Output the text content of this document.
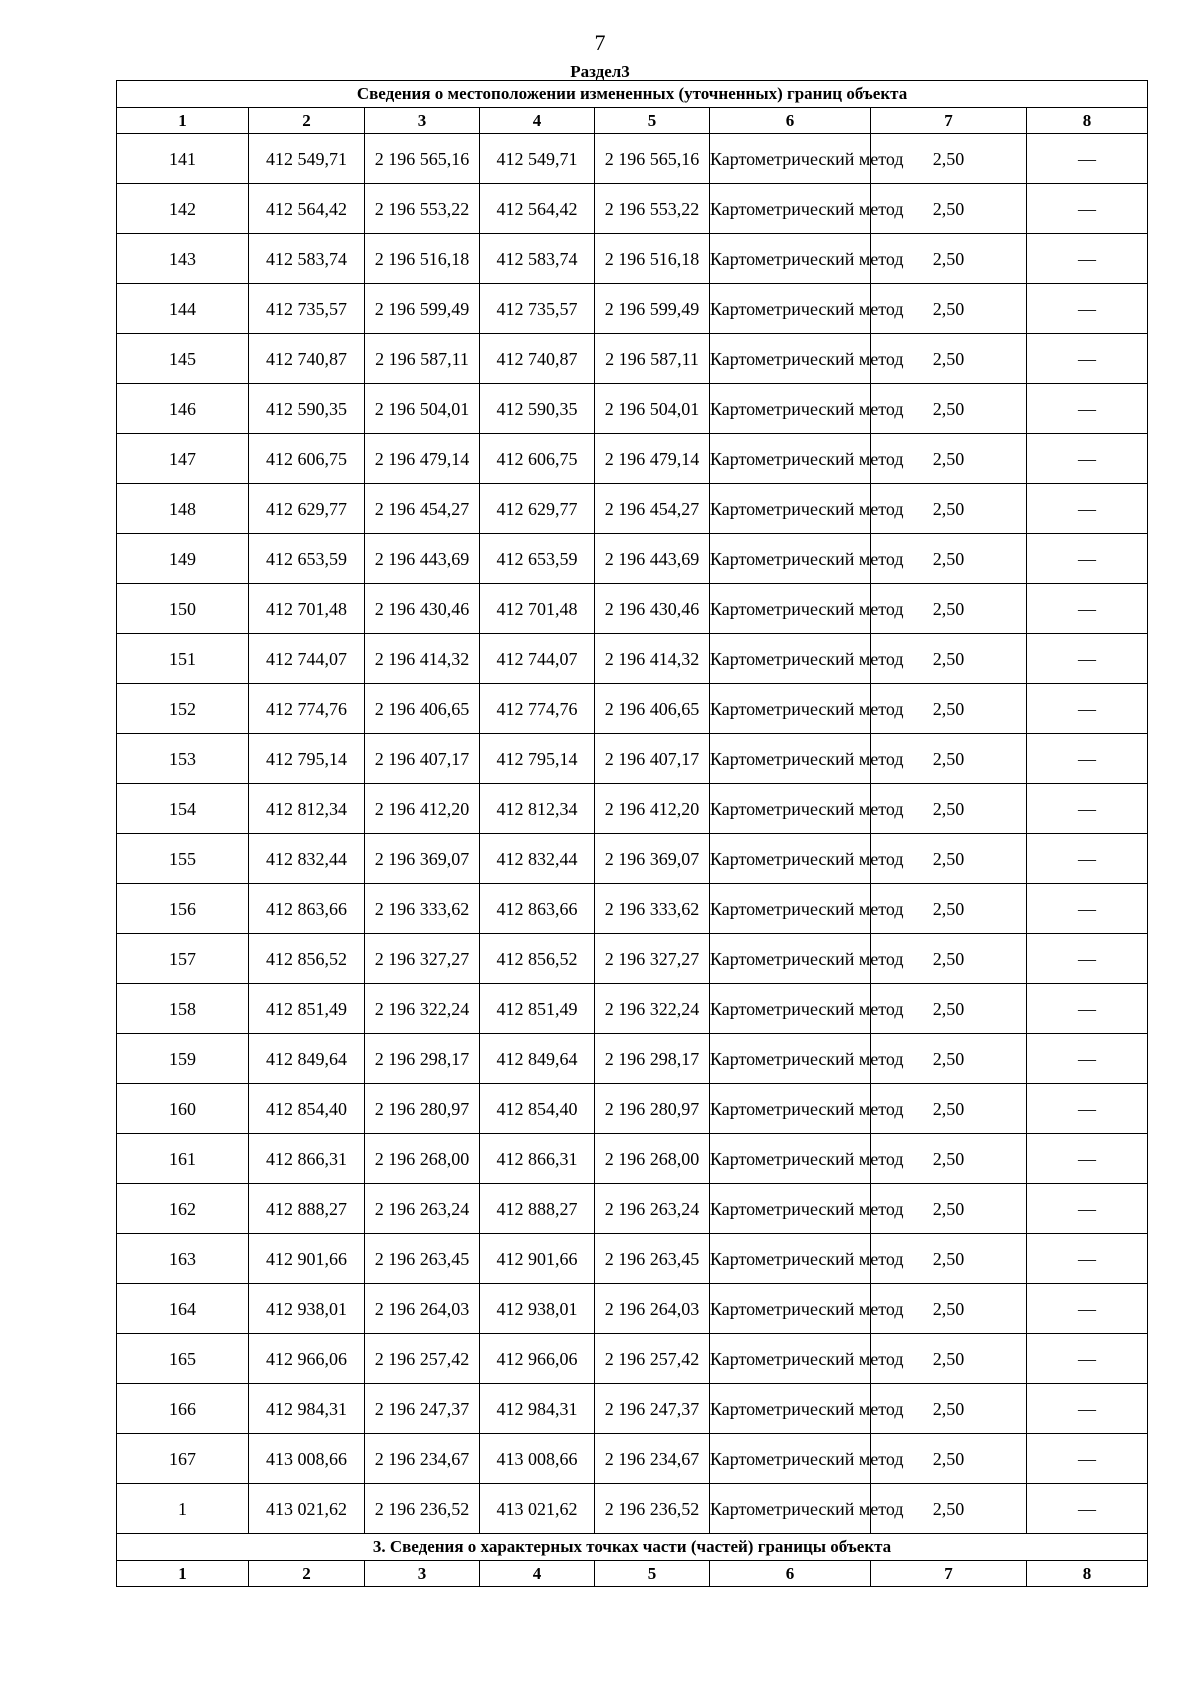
7
Раздел3
Сведения о местоположении измененных (уточненных) границ объекта							
1	2	3	4	5	6	7	8
141	412 549,71	2 196 565,16	412 549,71	2 196 565,16	Картометрический метод	2,50	—
142	412 564,42	2 196 553,22	412 564,42	2 196 553,22	Картометрический метод	2,50	—
143	412 583,74	2 196 516,18	412 583,74	2 196 516,18	Картометрический метод	2,50	—
144	412 735,57	2 196 599,49	412 735,57	2 196 599,49	Картометрический метод	2,50	—
145	412 740,87	2 196 587,11	412 740,87	2 196 587,11	Картометрический метод	2,50	—
146	412 590,35	2 196 504,01	412 590,35	2 196 504,01	Картометрический метод	2,50	—
147	412 606,75	2 196 479,14	412 606,75	2 196 479,14	Картометрический метод	2,50	—
148	412 629,77	2 196 454,27	412 629,77	2 196 454,27	Картометрический метод	2,50	—
149	412 653,59	2 196 443,69	412 653,59	2 196 443,69	Картометрический метод	2,50	—
150	412 701,48	2 196 430,46	412 701,48	2 196 430,46	Картометрический метод	2,50	—
151	412 744,07	2 196 414,32	412 744,07	2 196 414,32	Картометрический метод	2,50	—
152	412 774,76	2 196 406,65	412 774,76	2 196 406,65	Картометрический метод	2,50	—
153	412 795,14	2 196 407,17	412 795,14	2 196 407,17	Картометрический метод	2,50	—
154	412 812,34	2 196 412,20	412 812,34	2 196 412,20	Картометрический метод	2,50	—
155	412 832,44	2 196 369,07	412 832,44	2 196 369,07	Картометрический метод	2,50	—
156	412 863,66	2 196 333,62	412 863,66	2 196 333,62	Картометрический метод	2,50	—
157	412 856,52	2 196 327,27	412 856,52	2 196 327,27	Картометрический метод	2,50	—
158	412 851,49	2 196 322,24	412 851,49	2 196 322,24	Картометрический метод	2,50	—
159	412 849,64	2 196 298,17	412 849,64	2 196 298,17	Картометрический метод	2,50	—
160	412 854,40	2 196 280,97	412 854,40	2 196 280,97	Картометрический метод	2,50	—
161	412 866,31	2 196 268,00	412 866,31	2 196 268,00	Картометрический метод	2,50	—
162	412 888,27	2 196 263,24	412 888,27	2 196 263,24	Картометрический метод	2,50	—
163	412 901,66	2 196 263,45	412 901,66	2 196 263,45	Картометрический метод	2,50	—
164	412 938,01	2 196 264,03	412 938,01	2 196 264,03	Картометрический метод	2,50	—
165	412 966,06	2 196 257,42	412 966,06	2 196 257,42	Картометрический метод	2,50	—
166	412 984,31	2 196 247,37	412 984,31	2 196 247,37	Картометрический метод	2,50	—
167	413 008,66	2 196 234,67	413 008,66	2 196 234,67	Картометрический метод	2,50	—
1	413 021,62	2 196 236,52	413 021,62	2 196 236,52	Картометрический метод	2,50	—
3. Сведения о характерных точках части (частей) границы объекта							
1	2	3	4	5	6	7	8
